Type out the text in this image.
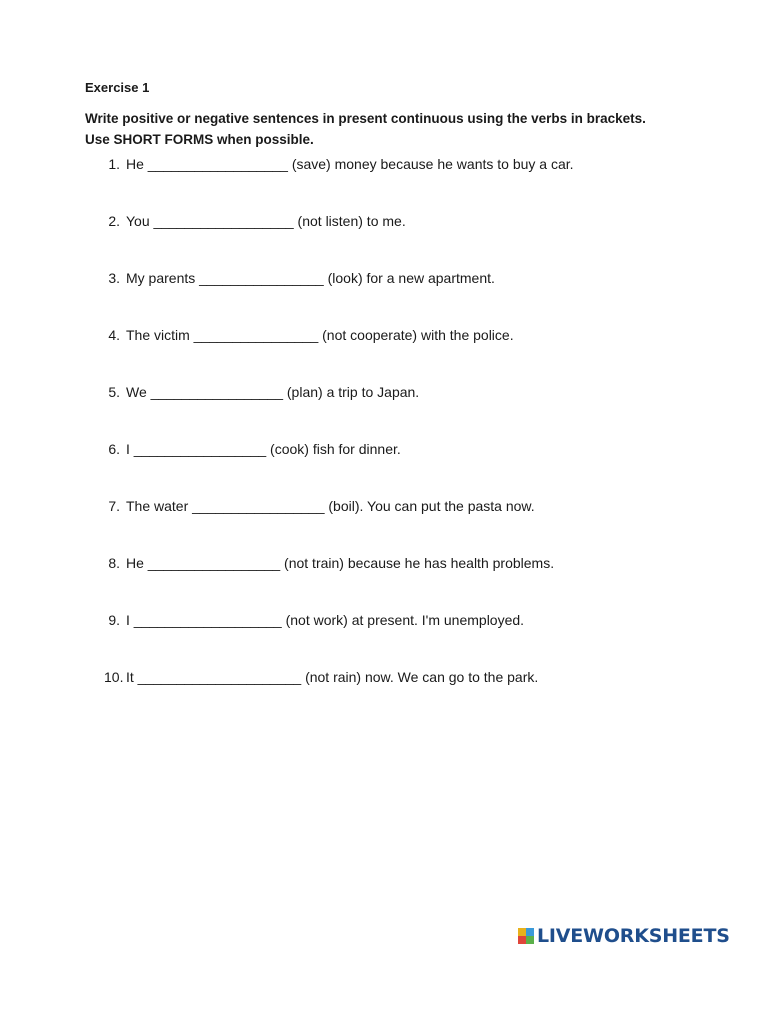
Exercise 1
Write positive or negative sentences in present continuous using the verbs in brackets.
Use SHORT FORMS when possible.
1. He __________________ (save) money because he wants to buy a car.
2. You __________________ (not listen) to me.
3. My parents ________________ (look) for a new apartment.
4. The victim ________________ (not cooperate) with the police.
5. We _________________ (plan) a trip to Japan.
6. I _________________ (cook) fish for dinner.
7. The water _________________ (boil). You can put the pasta now.
8. He _________________ (not train) because he has health problems.
9. I ___________________ (not work) at present. I'm unemployed.
10. It _____________________ (not rain) now. We can go to the park.
LIVEWORKSHEETS
